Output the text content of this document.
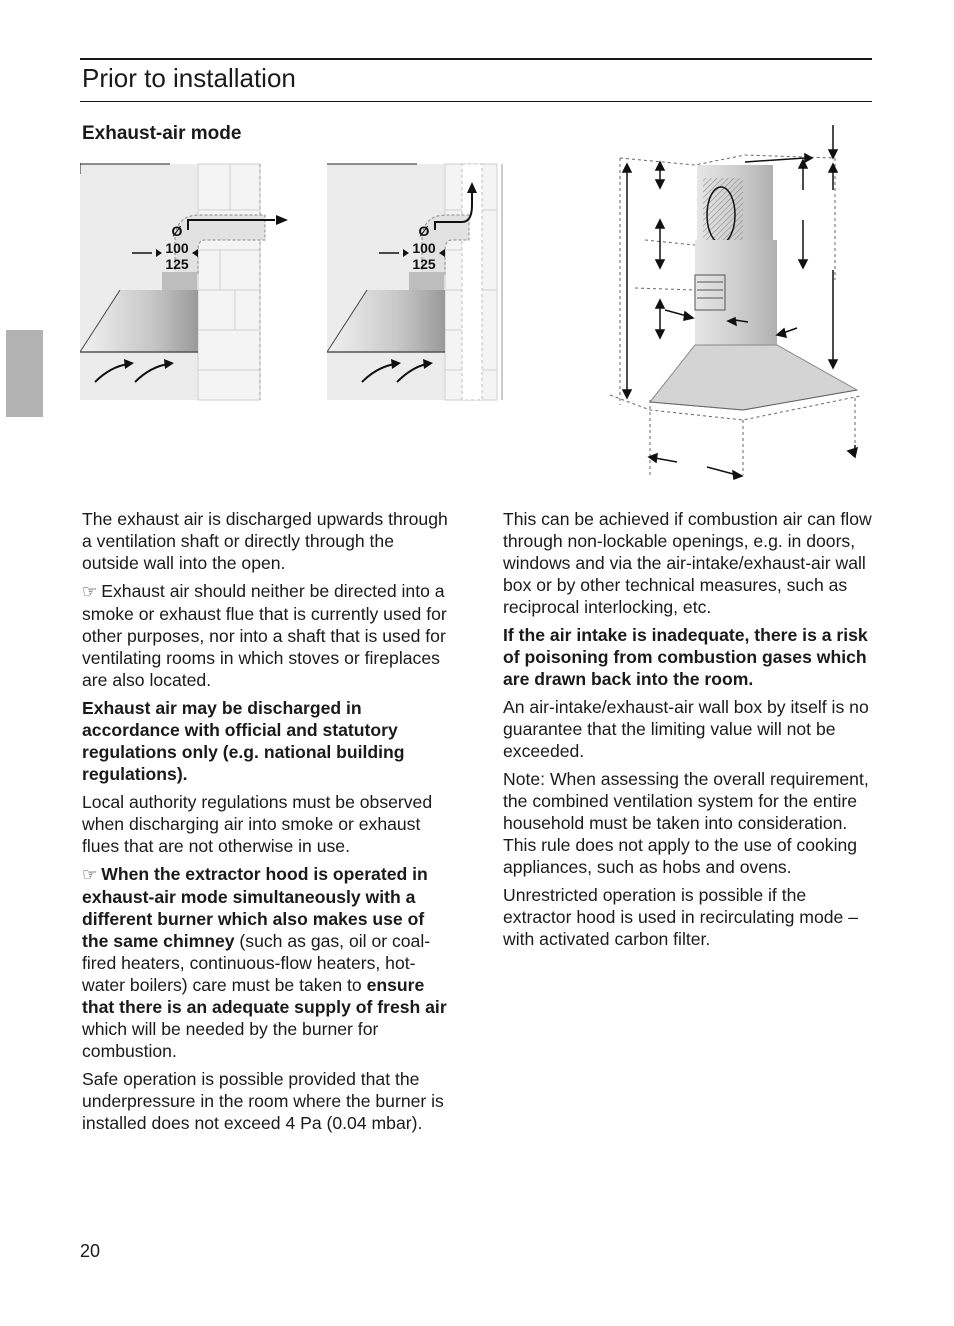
Prior to installation
Exhaust-air mode
Ø
100
125
Ø
100
125

The exhaust air is discharged upwards through a ventilation shaft or directly through the outside wall into the open.

☞ Exhaust air should neither be directed into a smoke or exhaust flue that is currently used for other purposes, nor into a shaft that is used for ventilating rooms in which stoves or fireplaces are also located.

Exhaust air may be discharged in accordance with official and statutory regulations only (e.g. national building regulations).

Local authority regulations must be observed when discharging air into smoke or exhaust flues that are not otherwise in use.

☞ When the extractor hood is operated in exhaust-air mode simultaneously with a different burner which also makes use of the same chimney (such as gas, oil or coal-fired heaters, continuous-flow heaters, hot-water boilers) care must be taken to ensure that there is an adequate supply of fresh air which will be needed by the burner for combustion.

Safe operation is possible provided that the underpressure in the room where the burner is installed does not exceed 4 Pa (0.04 mbar).

This can be achieved if combustion air can flow through non-lockable openings, e.g. in doors, windows and via the air-intake/exhaust-air wall box or by other technical measures, such as reciprocal interlocking, etc.

If the air intake is inadequate, there is a risk of poisoning from combustion gases which are drawn back into the room.

An air-intake/exhaust-air wall box by itself is no guarantee that the limiting value will not be exceeded.

Note: When assessing the overall requirement, the combined ventilation system for the entire household must be taken into consideration. This rule does not apply to the use of cooking appliances, such as hobs and ovens.

Unrestricted operation is possible if the extractor hood is used in recirculating mode – with activated carbon filter.

20
